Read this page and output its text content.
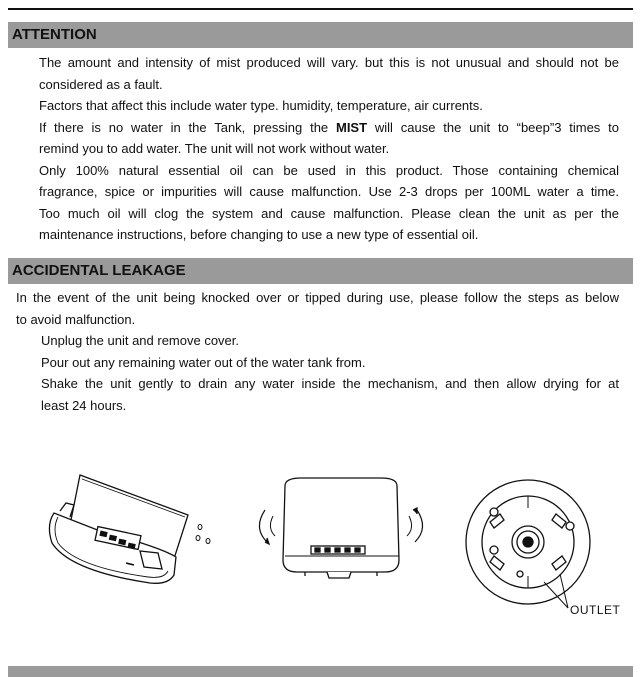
ATTENTION

The amount and intensity of mist produced will vary. but this is not unusual and should not be

considered as a fault.

Factors that affect this include water type. humidity, temperature, air currents.

If there is no water in the Tank, pressing the MIST will cause the unit to “beep”3 times to

remind you to add water. The unit will not work without water.

Only 100% natural essential oil can be used in this product. Those containing chemical

fragrance, spice or impurities will cause malfunction. Use 2-3 drops per 100ML water a time.

Too much oil will clog the system and cause malfunction. Please clean the unit as per the

maintenance instructions, before changing to use a new type of essential oil.

ACCIDENTAL LEAKAGE

In the event of the unit being knocked over or tipped during use, please follow the steps as below

to avoid malfunction.

Unplug the unit and remove cover.

Pour out any remaining water out of the water tank from.

Shake the unit gently to drain any water inside the mechanism, and then allow drying for at

least 24 hours.

OUTLET
